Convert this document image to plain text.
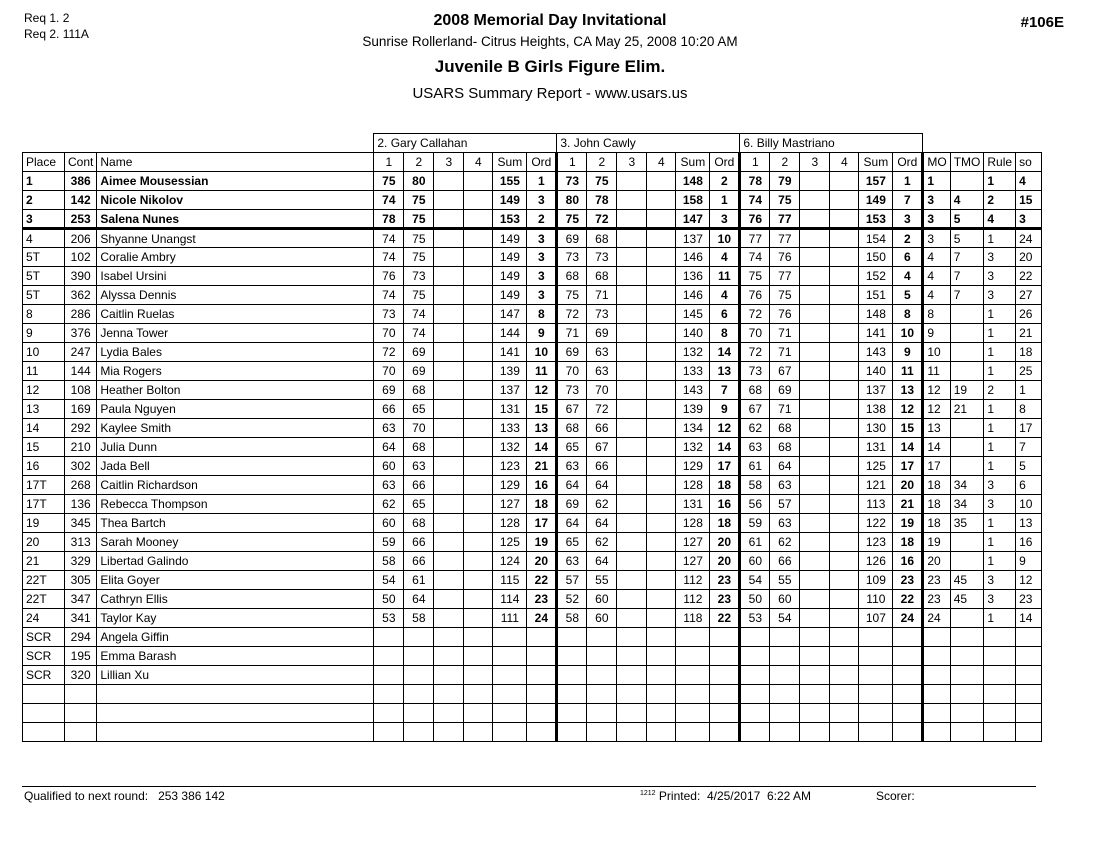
Req 1. 2
Req 2. 111A
#106E
2008 Memorial Day Invitational
Sunrise Rollerland- Citrus Heights, CA May 25, 2008 10:20 AM
Juvenile B Girls Figure Elim.
USARS Summary Report - www.usars.us
			2. Gary Callahan						3. John Cawly						6. Billy Mastriano									
Place	Cont	Name	1	2	3	4	Sum	Ord	1	2	3	4	Sum	Ord	1	2	3	4	Sum	Ord	MO	TMO	Rule	so
1	386	Aimee Mousessian	75	80			155	1	73	75			148	2	78	79			157	1	1		1	4
2	142	Nicole Nikolov	74	75			149	3	80	78			158	1	74	75			149	7	3	4	2	15
3	253	Salena Nunes	78	75			153	2	75	72			147	3	76	77			153	3	3	5	4	3
4	206	Shyanne Unangst	74	75			149	3	69	68			137	10	77	77			154	2	3	5	1	24
5T	102	Coralie Ambry	74	75			149	3	73	73			146	4	74	76			150	6	4	7	3	20
5T	390	Isabel Ursini	76	73			149	3	68	68			136	11	75	77			152	4	4	7	3	22
5T	362	Alyssa Dennis	74	75			149	3	75	71			146	4	76	75			151	5	4	7	3	27
8	286	Caitlin Ruelas	73	74			147	8	72	73			145	6	72	76			148	8	8		1	26
9	376	Jenna Tower	70	74			144	9	71	69			140	8	70	71			141	10	9		1	21
10	247	Lydia Bales	72	69			141	10	69	63			132	14	72	71			143	9	10		1	18
11	144	Mia Rogers	70	69			139	11	70	63			133	13	73	67			140	11	11		1	25
12	108	Heather Bolton	69	68			137	12	73	70			143	7	68	69			137	13	12	19	2	1
13	169	Paula Nguyen	66	65			131	15	67	72			139	9	67	71			138	12	12	21	1	8
14	292	Kaylee Smith	63	70			133	13	68	66			134	12	62	68			130	15	13		1	17
15	210	Julia Dunn	64	68			132	14	65	67			132	14	63	68			131	14	14		1	7
16	302	Jada Bell	60	63			123	21	63	66			129	17	61	64			125	17	17		1	5
17T	268	Caitlin Richardson	63	66			129	16	64	64			128	18	58	63			121	20	18	34	3	6
17T	136	Rebecca Thompson	62	65			127	18	69	62			131	16	56	57			113	21	18	34	3	10
19	345	Thea Bartch	60	68			128	17	64	64			128	18	59	63			122	19	18	35	1	13
20	313	Sarah Mooney	59	66			125	19	65	62			127	20	61	62			123	18	19		1	16
21	329	Libertad Galindo	58	66			124	20	63	64			127	20	60	66			126	16	20		1	9
22T	305	Elita Goyer	54	61			115	22	57	55			112	23	54	55			109	23	23	45	3	12
22T	347	Cathryn Ellis	50	64			114	23	52	60			112	23	50	60			110	22	23	45	3	23
24	341	Taylor Kay	53	58			111	24	58	60			118	22	53	54			107	24	24		1	14
SCR	294	Angela Giffin																						
SCR	195	Emma Barash																						
SCR	320	Lillian Xu																						

Qualified to next round:   253 386 142	$^{1212}$ Printed:  4/25/2017  6:22 AM	Scorer:
